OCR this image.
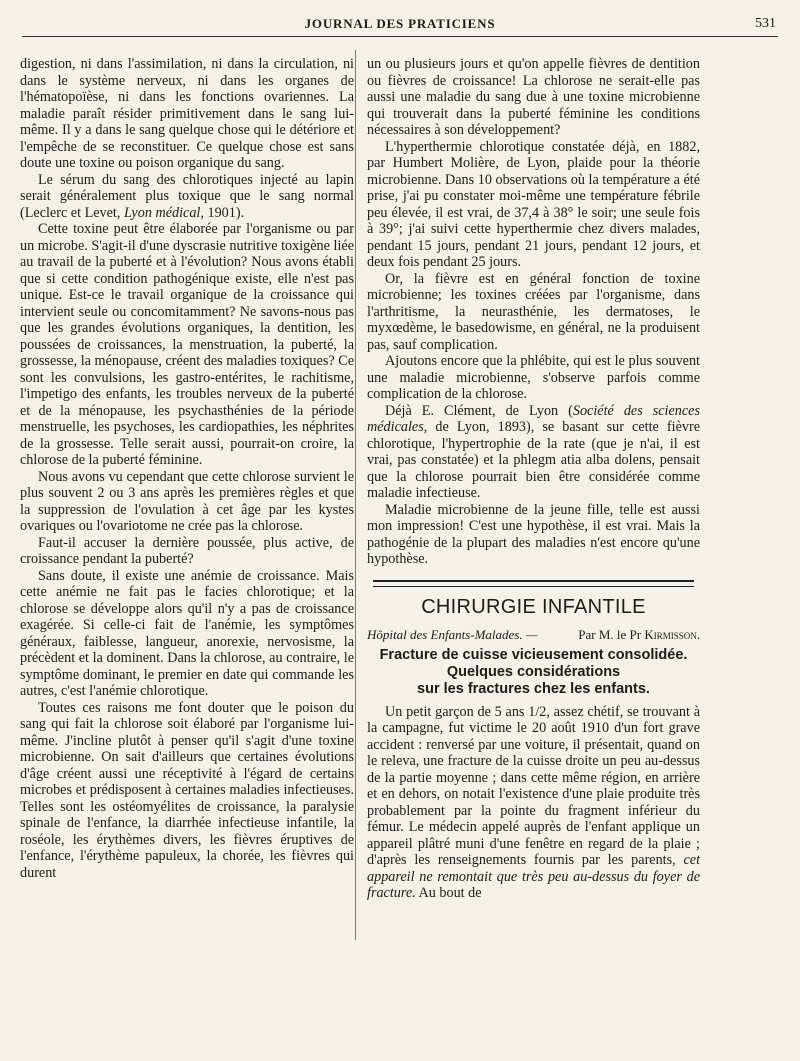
JOURNAL DES PRATICIENS	531

digestion, ni dans l'assimilation, ni dans la circulation, ni dans le système nerveux, ni dans les organes de l'hématopoïèse, ni dans les fonctions ovariennes. La maladie paraît résider primitivement dans le sang lui-même. Il y a dans le sang quelque chose qui le détériore et l'empêche de se reconstituer. Ce quelque chose est sans doute une toxine ou poison organique du sang.

Le sérum du sang des chlorotiques injecté au lapin serait généralement plus toxique que le sang normal (Leclerc et Levet, Lyon médical, 1901).

Cette toxine peut être élaborée par l'organisme ou par un microbe. S'agit-il d'une dyscrasie nutritive toxigène liée au travail de la puberté et à l'évolution? Nous avons établi que si cette condition pathogénique existe, elle n'est pas unique. Est-ce le travail organique de la croissance qui intervient seule ou concomitamment? Ne savons-nous pas que les grandes évolutions organiques, la dentition, les poussées de croissances, la menstruation, la puberté, la grossesse, la ménopause, créent des maladies toxiques? Ce sont les convulsions, les gastro-entérites, le rachitisme, l'impetigo des enfants, les troubles nerveux de la puberté et de la ménopause, les psychasthénies de la période menstruelle, les psychoses, les cardiopathies, les néphrites de la grossesse. Telle serait aussi, pourrait-on croire, la chlorose de la puberté féminine.

Nous avons vu cependant que cette chlorose survient le plus souvent 2 ou 3 ans après les premières règles et que la suppression de l'ovulation à cet âge par les kystes ovariques ou l'ovariotome ne crée pas la chlorose.

Faut-il accuser la dernière poussée, plus active, de croissance pendant la puberté?

Sans doute, il existe une anémie de croissance. Mais cette anémie ne fait pas le facies chlorotique; et la chlorose se développe alors qu'il n'y a pas de croissance exagérée. Si celle-ci fait de l'anémie, les symptômes généraux, faiblesse, langueur, anorexie, nervosisme, la précèdent et la dominent. Dans la chlorose, au contraire, le symptôme dominant, le premier en date qui commande les autres, c'est l'anémie chlorotique.

Toutes ces raisons me font douter que le poison du sang qui fait la chlorose soit élaboré par l'organisme lui-même. J'incline plutôt à penser qu'il s'agit d'une toxine microbienne. On sait d'ailleurs que certaines évolutions d'âge créent aussi une réceptivité à l'égard de certains microbes et prédisposent à certaines maladies infectieuses. Telles sont les ostéomyélites de croissance, la paralysie spinale de l'enfance, la diarrhée infectieuse infantile, la roséole, les érythèmes divers, les fièvres éruptives de l'enfance, l'érythème papuleux, la chorée, les fièvres qui durent

un ou plusieurs jours et qu'on appelle fièvres de dentition ou fièvres de croissance! La chlorose ne serait-elle pas aussi une maladie du sang due à une toxine microbienne qui trouverait dans la puberté féminine les conditions nécessaires à son développement?

L'hyperthermie chlorotique constatée déjà, en 1882, par Humbert Molière, de Lyon, plaide pour la théorie microbienne. Dans 10 observations où la température a été prise, j'ai pu constater moi-même une température fébrile peu élevée, il est vrai, de 37,4 à 38° le soir; une seule fois à 39°; j'ai suivi cette hyperthermie chez divers malades, pendant 15 jours, pendant 21 jours, pendant 12 jours, et deux fois pendant 25 jours.

Or, la fièvre est en général fonction de toxine microbienne; les toxines créées par l'organisme, dans l'arthritisme, la neurasthénie, les dermatoses, le myxœdème, le basedowisme, en général, ne la produisent pas, sauf complication.

Ajoutons encore que la phlébite, qui est le plus souvent une maladie microbienne, s'observe parfois comme complication de la chlorose.

Déjà E. Clément, de Lyon (Société des sciences médicales, de Lyon, 1893), se basant sur cette fièvre chlorotique, l'hypertrophie de la rate (que je n'ai, il est vrai, pas constatée) et la phlegm atia alba dolens, pensait que la chlorose pourrait bien être considérée comme maladie infectieuse.

Maladie microbienne de la jeune fille, telle est aussi mon impression! C'est une hypothèse, il est vrai. Mais la pathogénie de la plupart des maladies n'est encore qu'une hypothèse.

CHIRURGIE INFANTILE
Hôpital des Enfants-Malades. —	Par M. le Pr Kirmisson.
Fracture de cuisse vicieusement consolidée.
Quelques considérations
sur les fractures chez les enfants.

Un petit garçon de 5 ans 1/2, assez chétif, se trouvant à la campagne, fut victime le 20 août 1910 d'un fort grave accident : renversé par une voiture, il présentait, quand on le releva, une fracture de la cuisse droite un peu au-dessus de la partie moyenne ; dans cette même région, en arrière et en dehors, on notait l'existence d'une plaie produite très probablement par la pointe du fragment inférieur du fémur. Le médecin appelé auprès de l'enfant applique un appareil plâtré muni d'une fenêtre en regard de la plaie ; d'après les renseignements fournis par les parents, cet appareil ne remontait que très peu au-dessus du foyer de fracture. Au bout de
